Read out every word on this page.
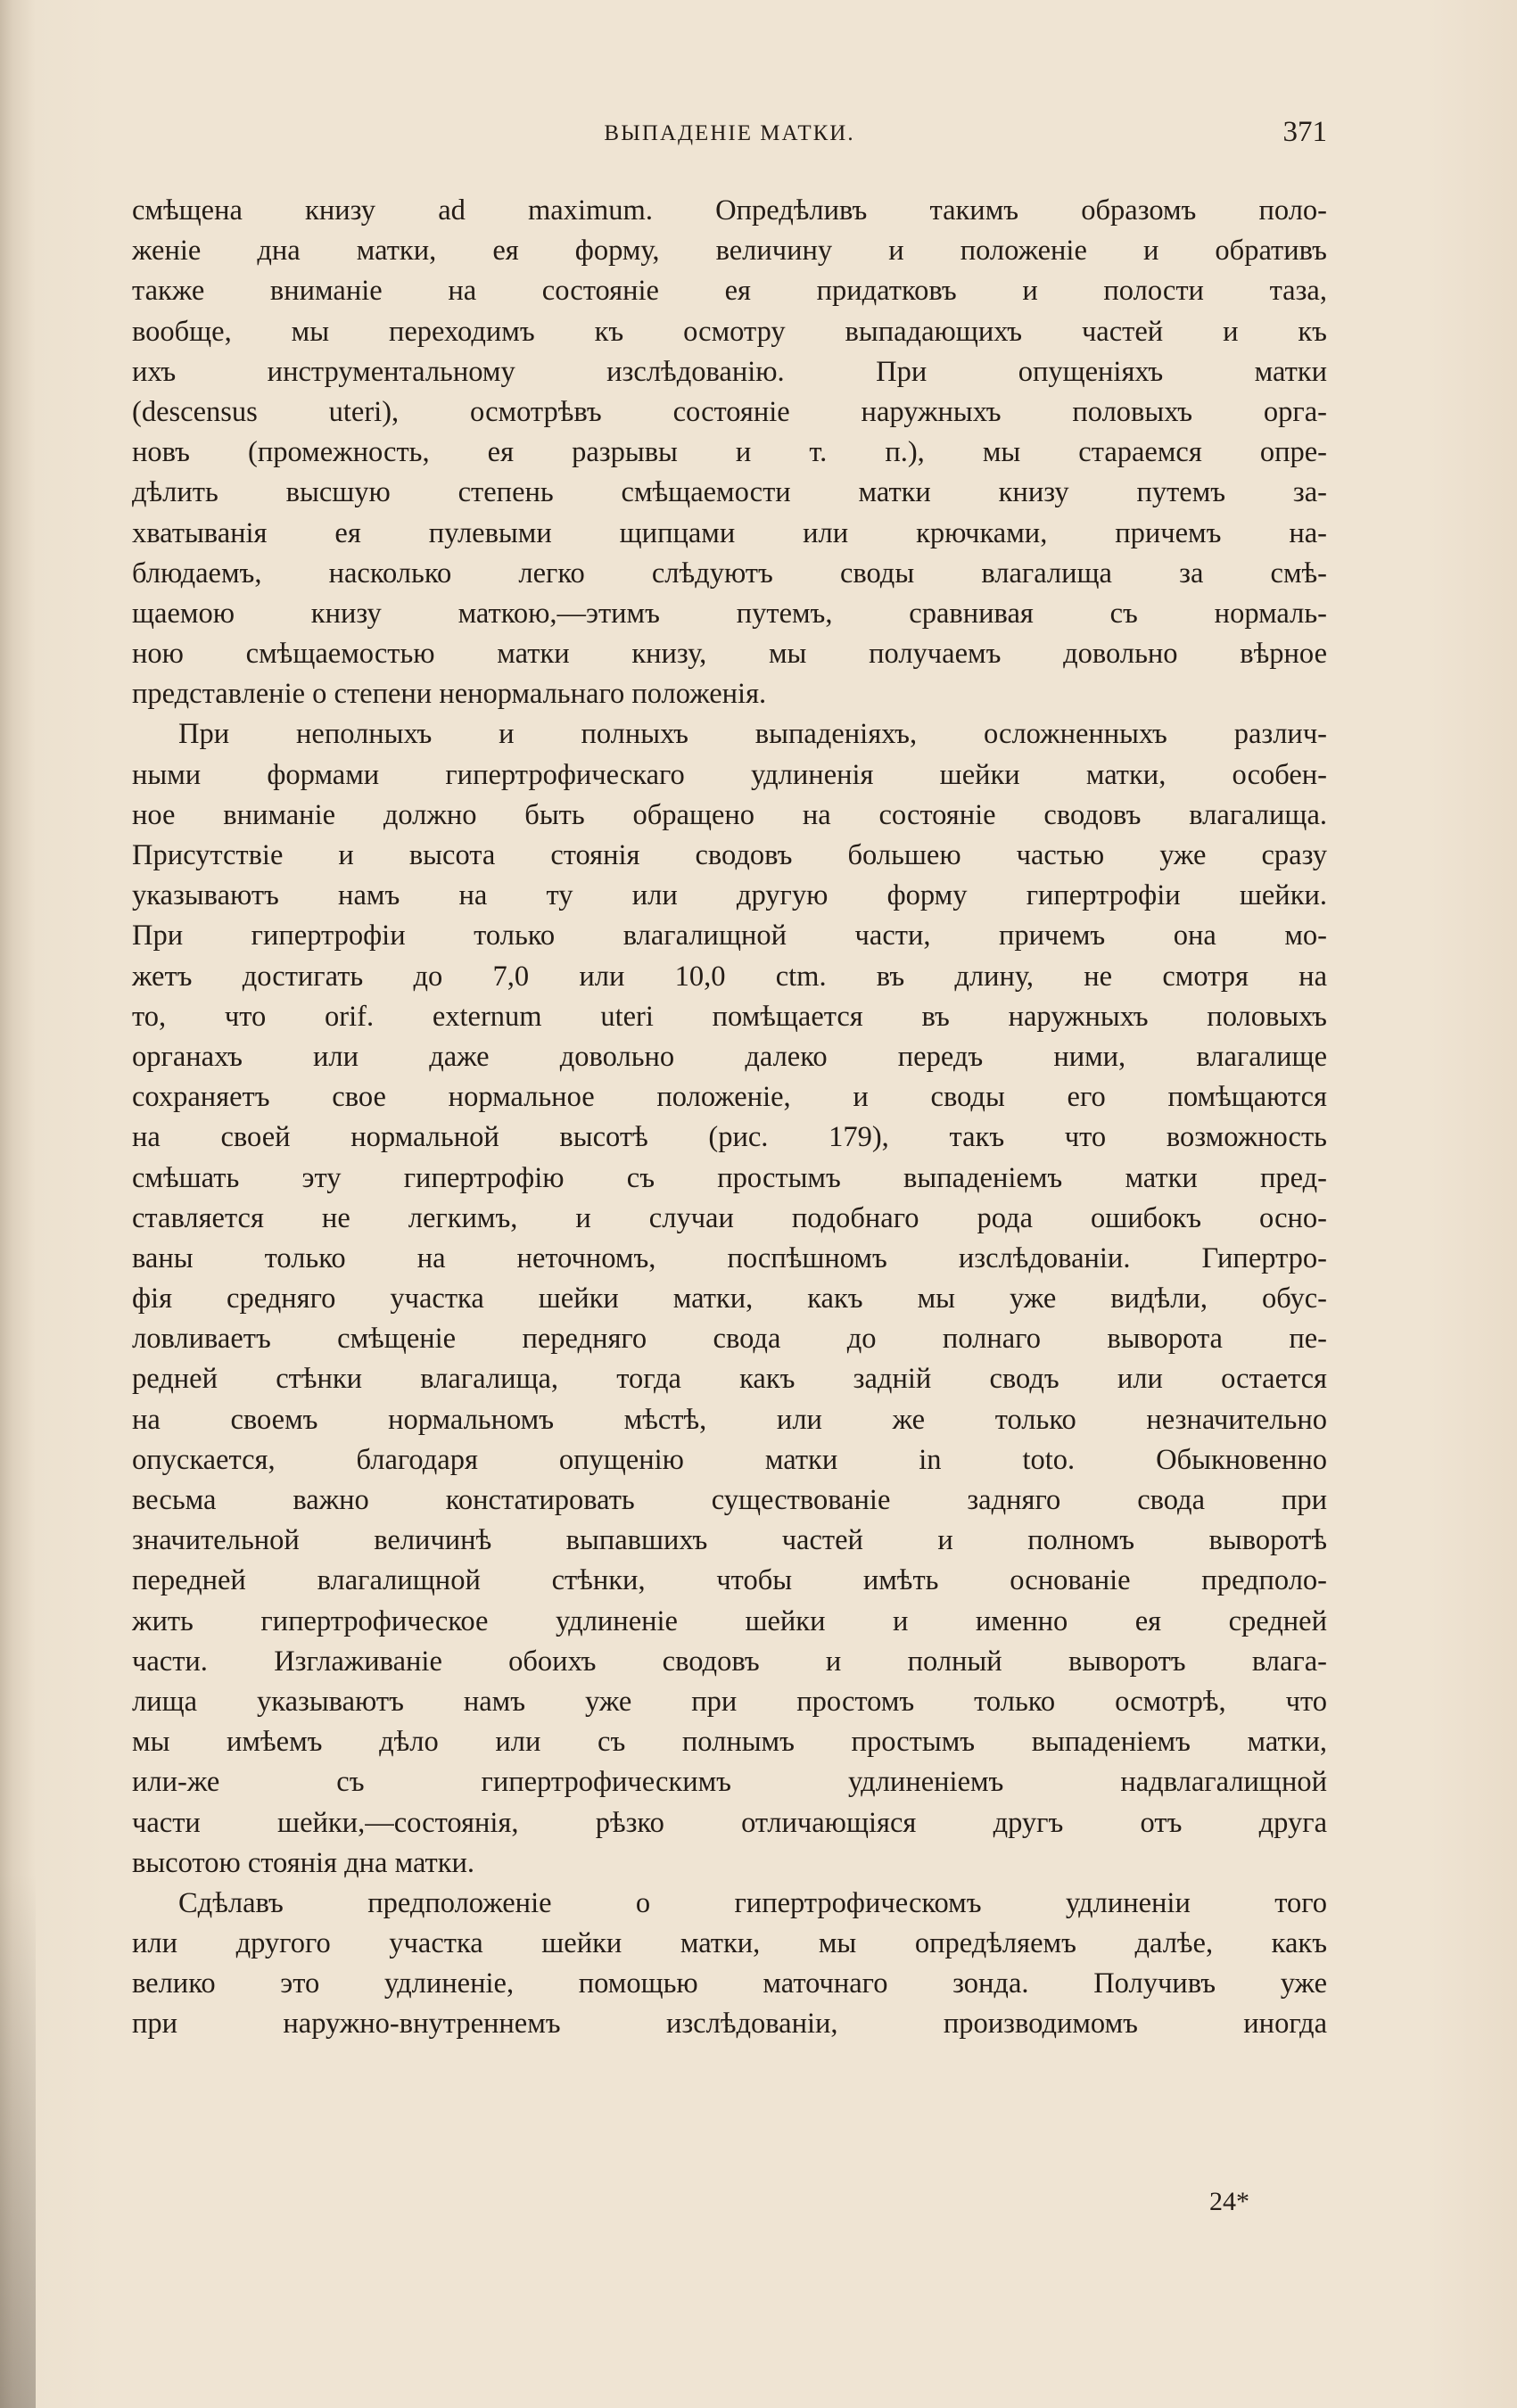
ВЫПАДЕНІЕ МАТКИ.	371
смѣщена книзу ad maximum. Опредѣливъ такимъ образомъ поло-
женіе дна матки, ея форму, величину и положеніе и обративъ
также вниманіе на состояніе ея придатковъ и полости таза,
вообще, мы переходимъ къ осмотру выпадающихъ частей и къ
ихъ инструментальному изслѣдованію. При опущеніяхъ матки
(descensus uteri), осмотрѣвъ состояніе наружныхъ половыхъ орга-
новъ (промежность, ея разрывы и т. п.), мы стараемся опре-
дѣлить высшую степень смѣщаемости матки книзу путемъ за-
хватыванія ея пулевыми щипцами или крючками, причемъ на-
блюдаемъ, насколько легко слѣдуютъ своды влагалища за смѣ-
щаемою книзу маткою,—этимъ путемъ, сравнивая съ нормаль-
ною смѣщаемостью матки книзу, мы получаемъ довольно вѣрное
представленіе о степени ненормальнаго положенія.
При неполныхъ и полныхъ выпаденіяхъ, осложненныхъ различ-
ными формами гипертрофическаго удлиненія шейки матки, особен-
ное вниманіе должно быть обращено на состояніе сводовъ влагалища.
Присутствіе и высота стоянія сводовъ большею частью уже сразу
указываютъ намъ на ту или другую форму гипертрофіи шейки.
При гипертрофіи только влагалищной части, причемъ она мо-
жетъ достигать до 7,0 или 10,0 ctm. въ длину, не смотря на
то, что orif. externum uteri помѣщается въ наружныхъ половыхъ
органахъ или даже довольно далеко передъ ними, влагалище
сохраняетъ свое нормальное положеніе, и своды его помѣщаются
на своей нормальной высотѣ (рис. 179), такъ что возможность
смѣшать эту гипертрофію съ простымъ выпаденіемъ матки пред-
ставляется не легкимъ, и случаи подобнаго рода ошибокъ осно-
ваны только на неточномъ, поспѣшномъ изслѣдованіи. Гипертро-
фія средняго участка шейки матки, какъ мы уже видѣли, обус-
ловливаетъ смѣщеніе передняго свода до полнаго выворота пе-
редней стѣнки влагалища, тогда какъ задній сводъ или остается
на своемъ нормальномъ мѣстѣ, или же только незначительно
опускается, благодаря опущенію матки in toto. Обыкновенно
весьма важно констатировать существованіе задняго свода при
значительной величинѣ выпавшихъ частей и полномъ выворотѣ
передней влагалищной стѣнки, чтобы имѣть основаніе предполо-
жить гипертрофическое удлиненіе шейки и именно ея средней
части. Изглаживаніе обоихъ сводовъ и полный выворотъ влага-
лища указываютъ намъ уже при простомъ только осмотрѣ, что
мы имѣемъ дѣло или съ полнымъ простымъ выпаденіемъ матки,
или-же съ гипертрофическимъ удлиненіемъ надвлагалищной
части шейки,—состоянія, рѣзко отличающіяся другъ отъ друга
высотою стоянія дна матки.
Сдѣлавъ предположеніе о гипертрофическомъ удлиненіи того
или другого участка шейки матки, мы опредѣляемъ далѣе, какъ
велико это удлиненіе, помощью маточнаго зонда. Получивъ уже
при наружно-внутреннемъ изслѣдованіи, производимомъ иногда
24*
